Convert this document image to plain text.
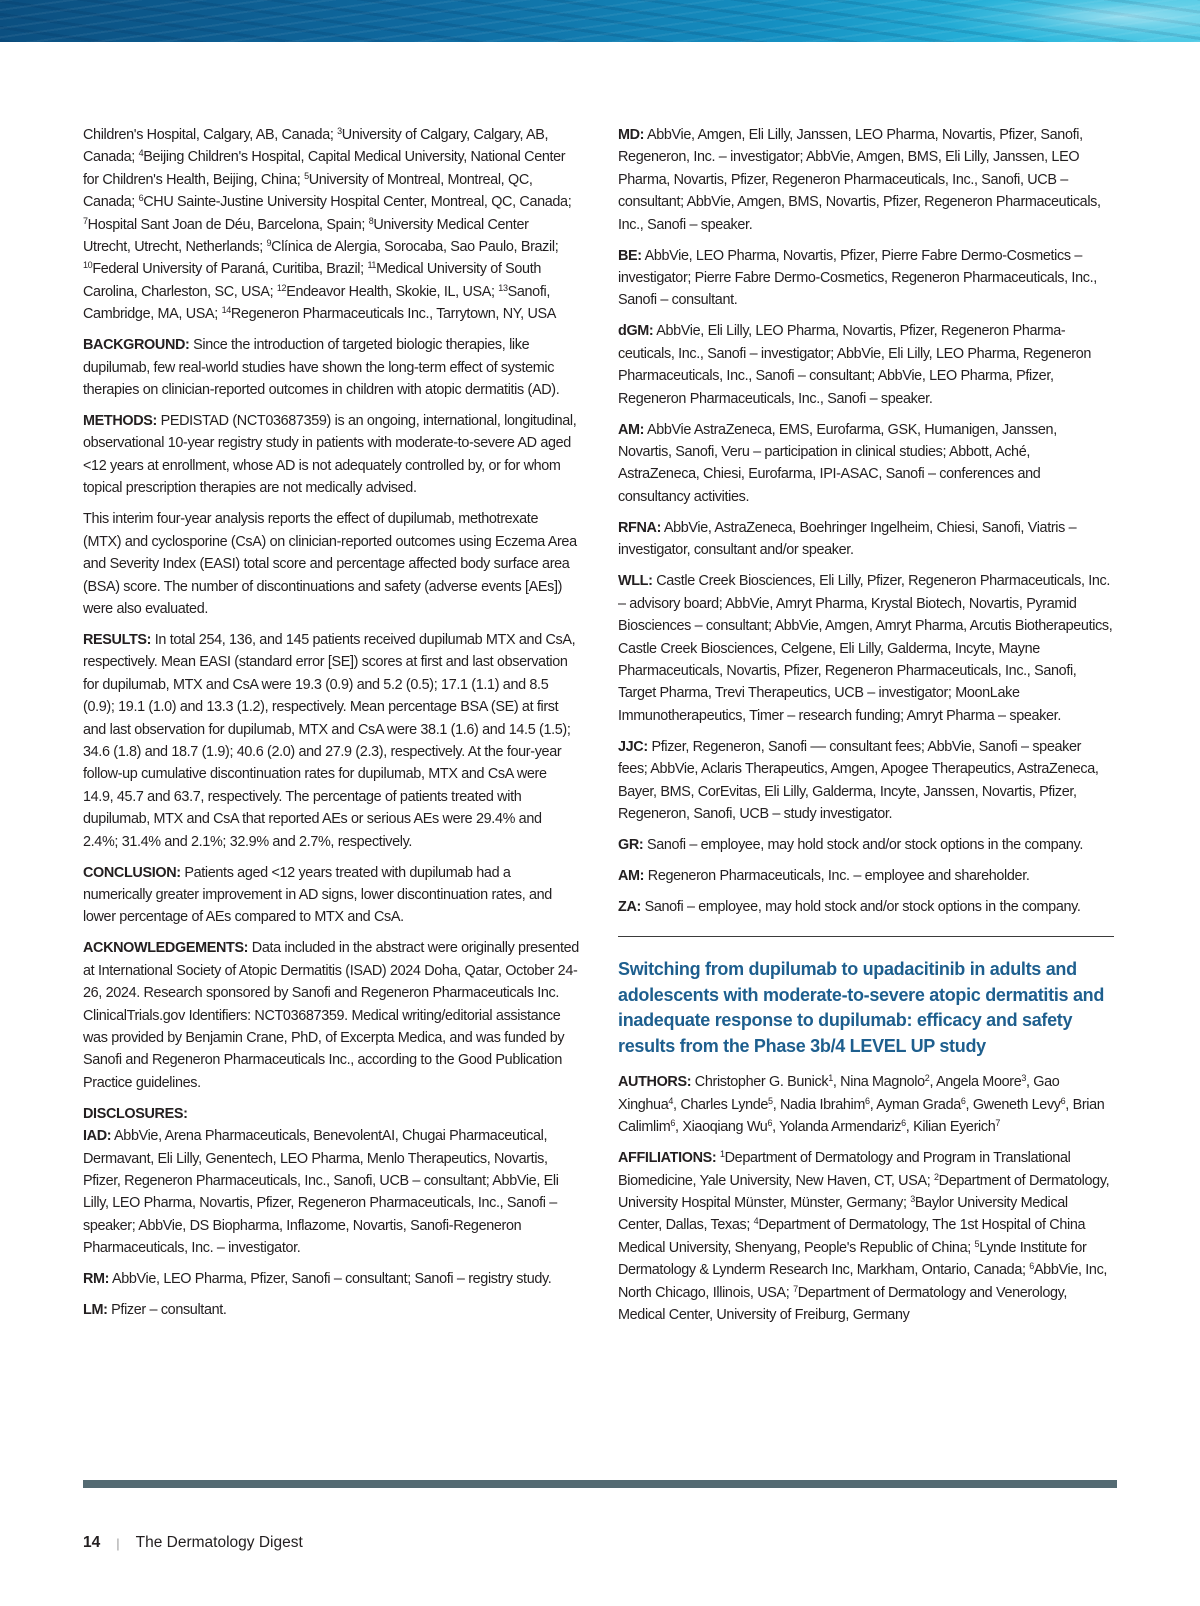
Children's Hospital, Calgary, AB, Canada; $^3$University of Calgary, Calgary, AB, Canada; $^4$Beijing Children's Hospital, Capital Medical University, National Center for Children's Health, Beijing, China; $^5$University of Montreal, Montreal, QC, Canada; $^6$CHU Sainte-Justine University Hospital Center, Montreal, QC, Canada; $^7$Hospital Sant Joan de Déu, Barcelona, Spain; $^8$University Medical Center Utrecht, Utrecht, Netherlands; $^9$Clínica de Alergia, Sorocaba, Sao Paulo, Brazil; $^{10}$Federal University of Paraná, Curitiba, Brazil; $^{11}$Medical University of South Carolina, Charleston, SC, USA; $^{12}$Endeavor Health, Skokie, IL, USA; $^{13}$Sanofi, Cambridge, MA, USA; $^{14}$Regeneron Pharmaceuticals Inc., Tarrytown, NY, USA

BACKGROUND: Since the introduction of targeted biologic therapies, like dupilumab, few real-world studies have shown the long-term effect of systemic therapies on clinician-reported outcomes in children with atopic dermatitis (AD).

METHODS: PEDISTAD (NCT03687359) is an ongoing, international, longitudinal, observational 10-year registry study in patients with moderate-to-severe AD aged <12 years at enrollment, whose AD is not adequately controlled by, or for whom topical prescription therapies are not medically advised.

This interim four-year analysis reports the effect of dupilumab, methotrexate (MTX) and cyclosporine (CsA) on clinician-reported outcomes using Eczema Area and Severity Index (EASI) total score and percentage affected body surface area (BSA) score. The number of discontinuations and safety (adverse events [AEs]) were also evaluated.

RESULTS: In total 254, 136, and 145 patients received dupilumab MTX and CsA, respectively. Mean EASI (standard error [SE]) scores at first and last observation for dupilumab, MTX and CsA were 19.3 (0.9) and 5.2 (0.5); 17.1 (1.1) and 8.5 (0.9); 19.1 (1.0) and 13.3 (1.2), respectively. Mean percentage BSA (SE) at first and last observation for dupilumab, MTX and CsA were 38.1 (1.6) and 14.5 (1.5); 34.6 (1.8) and 18.7 (1.9); 40.6 (2.0) and 27.9 (2.3), respectively. At the four-year follow-up cumulative discontinuation rates for dupilumab, MTX and CsA were 14.9, 45.7 and 63.7, respectively. The percentage of patients treated with dupilumab, MTX and CsA that reported AEs or serious AEs were 29.4% and 2.4%; 31.4% and 2.1%; 32.9% and 2.7%, respectively.

CONCLUSION: Patients aged <12 years treated with dupilumab had a numerically greater improvement in AD signs, lower discontinuation rates, and lower percentage of AEs compared to MTX and CsA.

ACKNOWLEDGEMENTS: Data included in the abstract were originally presented at International Society of Atopic Dermatitis (ISAD) 2024 Doha, Qatar, October 24-26, 2024. Research sponsored by Sanofi and Regeneron Pharmaceuticals Inc. ClinicalTrials.gov Identifiers: NCT03687359. Medical writing/editorial assistance was provided by Benjamin Crane, PhD, of Excerpta Medica, and was funded by Sanofi and Regeneron Pharmaceuticals Inc., according to the Good Publication Practice guidelines.

DISCLOSURES:

IAD: AbbVie, Arena Pharmaceuticals, BenevolentAI, Chugai Pharmaceutical, Dermavant, Eli Lilly, Genentech, LEO Pharma, Menlo Therapeutics, Novartis, Pfizer, Regeneron Pharmaceuticals, Inc., Sanofi, UCB – consultant; AbbVie, Eli Lilly, LEO Pharma, Novartis, Pfizer, Regeneron Pharmaceuticals, Inc., Sanofi – speaker; AbbVie, DS Biopharma, Inflazome, Novartis, Sanofi-Regeneron Pharmaceuticals, Inc. – investigator.

RM: AbbVie, LEO Pharma, Pfizer, Sanofi – consultant; Sanofi – registry study.

LM: Pfizer – consultant.

MD: AbbVie, Amgen, Eli Lilly, Janssen, LEO Pharma, Novartis, Pfizer, Sanofi, Regeneron, Inc. – investigator; AbbVie, Amgen, BMS, Eli Lilly, Janssen, LEO Pharma, Novartis, Pfizer, Regeneron Pharmaceuticals, Inc., Sanofi, UCB – consultant; AbbVie, Amgen, BMS, Novartis, Pfizer, Regeneron Pharmaceuticals, Inc., Sanofi – speaker.

BE: AbbVie, LEO Pharma, Novartis, Pfizer, Pierre Fabre Dermo-Cosmetics – investigator; Pierre Fabre Dermo-Cosmetics, Regeneron Pharmaceuticals, Inc., Sanofi – consultant.

dGM: AbbVie, Eli Lilly, LEO Pharma, Novartis, Pfizer, Regeneron Pharmaceuticals, Inc., Sanofi – investigator; AbbVie, Eli Lilly, LEO Pharma, Regeneron Pharmaceuticals, Inc., Sanofi – consultant; AbbVie, LEO Pharma, Pfizer, Regeneron Pharmaceuticals, Inc., Sanofi – speaker.

AM: AbbVie AstraZeneca, EMS, Eurofarma, GSK, Humanigen, Janssen, Novartis, Sanofi, Veru – participation in clinical studies; Abbott, Aché, AstraZeneca, Chiesi, Eurofarma, IPI-ASAC, Sanofi – conferences and consultancy activities.

RFNA: AbbVie, AstraZeneca, Boehringer Ingelheim, Chiesi, Sanofi, Viatris – investigator, consultant and/or speaker.

WLL: Castle Creek Biosciences, Eli Lilly, Pfizer, Regeneron Pharmaceuticals, Inc. – advisory board; AbbVie, Amryt Pharma, Krystal Biotech, Novartis, Pyramid Biosciences – consultant; AbbVie, Amgen, Amryt Pharma, Arcutis Biotherapeutics, Castle Creek Biosciences, Celgene, Eli Lilly, Galderma, Incyte, Mayne Pharmaceuticals, Novartis, Pfizer, Regeneron Pharmaceuticals, Inc., Sanofi, Target Pharma, Trevi Therapeutics, UCB – investigator; MoonLake Immunotherapeutics, Timer – research funding; Amryt Pharma – speaker.

JJC: Pfizer, Regeneron, Sanofi –– consultant fees; AbbVie, Sanofi – speaker fees; AbbVie, Aclaris Therapeutics, Amgen, Apogee Therapeutics, AstraZeneca, Bayer, BMS, CorEvitas, Eli Lilly, Galderma, Incyte, Janssen, Novartis, Pfizer, Regeneron, Sanofi, UCB – study investigator.

GR: Sanofi – employee, may hold stock and/or stock options in the company.

AM: Regeneron Pharmaceuticals, Inc. – employee and shareholder.

ZA: Sanofi – employee, may hold stock and/or stock options in the company.

Switching from dupilumab to upadacitinib in adults and adolescents with moderate-to-severe atopic dermatitis and inadequate response to dupilumab: efficacy and safety results from the Phase 3b/4 LEVEL UP study

AUTHORS: Christopher G. Bunick$^1$, Nina Magnolo$^2$, Angela Moore$^3$, Gao Xinghua$^4$, Charles Lynde$^5$, Nadia Ibrahim$^6$, Ayman Grada$^6$, Gweneth Levy$^6$, Brian Calimlim$^6$, Xiaoqiang Wu$^6$, Yolanda Armendariz$^6$, Kilian Eyerich$^7$

AFFILIATIONS: $^1$Department of Dermatology and Program in Translational Biomedicine, Yale University, New Haven, CT, USA; $^2$Department of Dermatology, University Hospital Münster, Münster, Germany; $^3$Baylor University Medical Center, Dallas, Texas; $^4$Department of Dermatology, The 1st Hospital of China Medical University, Shenyang, People's Republic of China; $^5$Lynde Institute for Dermatology & Lynderm Research Inc, Markham, Ontario, Canada; $^6$AbbVie, Inc, North Chicago, Illinois, USA; $^7$Department of Dermatology and Venerology, Medical Center, University of Freiburg, Germany

14 | The Dermatology Digest
